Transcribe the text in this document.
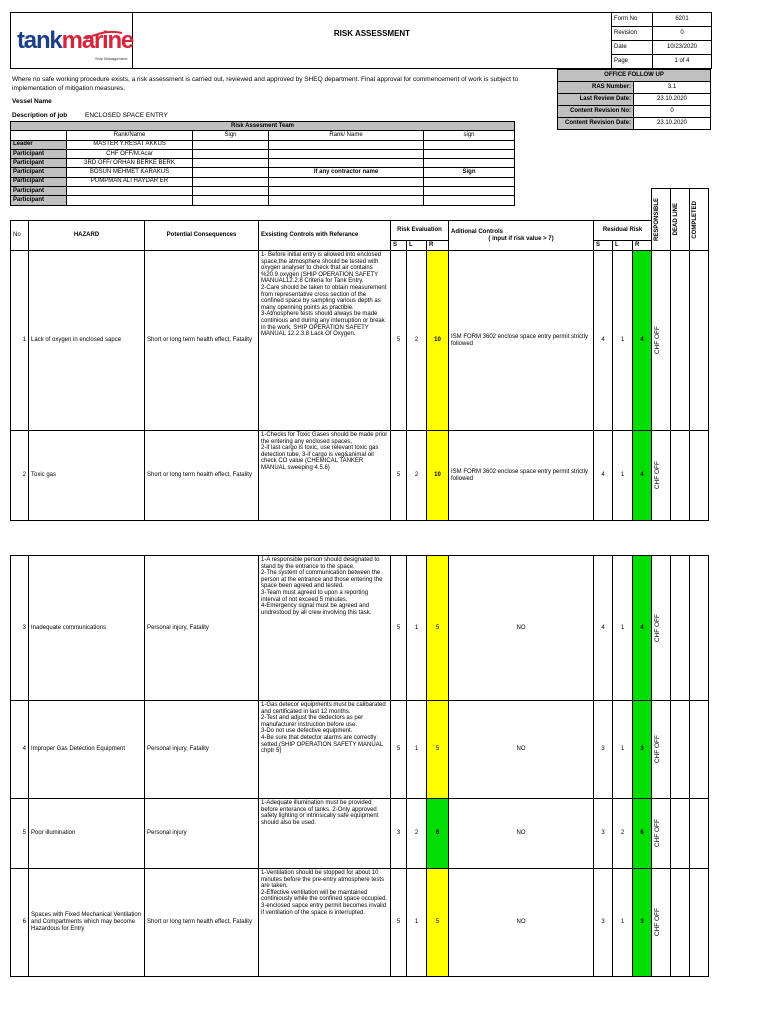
tankmarine
Ship Management
RISK ASSESSMENT
Form No	6201
Revision	0
Date	10/23/2020
Page	1 of 4
Where no safe working procedure exists, a risk assessment is carried out, reviewed and approved by SHEQ department. Final approval for commencement of work is subject to implementation of mitigation measures.
Vessel Name
Description of job	ENCLOSED SPACE ENTRY
OFFICE FOLLOW UP	
RAS Number:	3.1
Last Review Date:	23.10.2020
Content Revision No:	0
Content Revision Date:	23.10.2020
RESPONSIBLE	DEAD LINE	COMPLETED
Risk Assesment Team				
	Rank/Name	Sign	Rank/ Name	sign
Leader	MASTER Y.RESAT AKKUS			
Participant	CHF OFF/M.Acar			
Participant	3RD OFF/ ORHAN BERKE BERK			
Participant	BOSUN MEHMET KARAKUS		If any contractor name	Sign
Participant	PUMPMAN ALI HAYDAR ER			
Participant				
Participant				
No	HAZARD	Potential Consequences	Exsisting Controls with Referance	Risk Evaluation			Aditional Controls
( input if risk value > 7)	Residual Risk					
				S	L	R		S	L	R			
1	Lack of oxygen in enclosed sapce	Short or long term health effect, Fatality	1- Before initial entry is allowed into enclosed space,the atmosphere should be tested with oxygen analyser to check that air contains %20.9 oxygen (SHIP OPERATION SAFETY MANUAL12.2.8 Criteria for Tank Entry.
2-Care should be taken to obtain measurement from representative cross section of the confined space by sampling various depth as many openning points as practible.
3-Atmosphere tests should always be made continious and during any interruption or break in the work. SHIP OPERATION SAFETY MANUAL 12.2.3.8 Lack Of Oxygen.	5	2	10	ISM FORM 3602 enclose space entry permit strictly followed	4	1	4	CHF OFF		

2	Toxic gas	Short or long term health effect, Fatality	1-Checks for Toxic Gases should be made prior the entering any enclosed spaces,
2-if last cargo is toxic, use relevant toxic gas detection tube, 3-if cargo is veg&animal oil check CO value (CHEMICAL TANKER MANUAL sweeping 4.5.6)	5	2	10	ISM FORM 3602 enclose space entry permit strictly followed	4	1	4	CHF OFF		

3	Inadequate communications	Personal injury, Fatality	1-A responsible person should designated to stand by the entrance to the space.
2-The system of communication between the person at the entrance and those entering the space been agreed and tested.
3-Team must agreed to upon a reporting interval of not exceed 5 minutes.
4-Emergency signal must be agreed and undrestood by all crew involving this task.	5	1	5	NO	4	1	4	CHF OFF		

4	Improper Gas Detection Equipment	Personal injury, Fatality	1-Gas detecor equipments must be calibarated and certificated in last 12 months.
2-Test and adjust the dedectors as per manufacturer instruction before use.
3-Do not use defective equipment.
4-Be sure that detector alarms are correctly setted.(SHIP OPERATION SAFETY MANUAL chptr 5)	5	1	5	NO	3	1	3	CHF OFF		

5	Poor illumination	Personal injury	1-Adequate illumination must be provided before enterance of tanks. 2-Only approved safety lighting or intrinsically safe equipment should also be used.	3	2	6	NO	3	2	6	CHF OFF		

6	Spaces with Fixed Mechanical Ventilation and Compartments which may become Hazardous for Entry	Short or long term health effect, Fatality	1-Ventilation should be stopped for about 10 minutes before the pre-entry atmosphere tests are taken.
2-Effective ventilation will be maintained continiously while the confined space occupied. 3-enclosed sapce entry permit becomes invalid if ventilation of the space is interrupted.	5	1	5	NO	3	1	3	CHF OFF		
